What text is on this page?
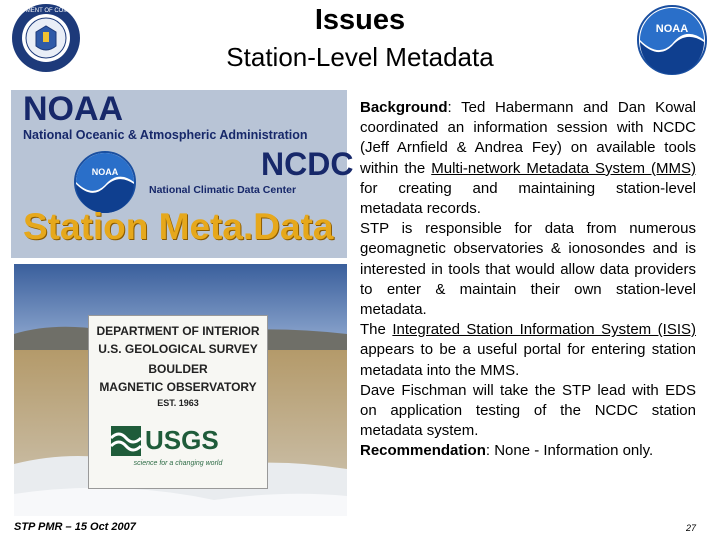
DEPARTMENT OF COMMERCE
NOAA
Issues
Station-Level Metadata
NOAA
National Oceanic & Atmospheric Administration
NOAA	NCDC
National Climatic Data Center
Station Meta.Data
DEPARTMENT OF INTERIOR
U.S. GEOLOGICAL SURVEY
BOULDER
MAGNETIC OBSERVATORY
EST. 1963
USGS
science for a changing world

Background: Ted Habermann and Dan Kowal coordinated an information session with NCDC (Jeff Arnfield & Andrea Fey) on available tools within the Multi-network Metadata System (MMS) for creating and maintaining station-level metadata records.

STP is responsible for data from numerous geomagnetic observatories & ionosondes and is interested in tools that would allow data providers to enter & maintain their own station-level metadata.

The Integrated Station Information System (ISIS) appears to be a useful portal for entering station metadata into the MMS.

Dave Fischman will take the STP lead with EDS on application testing of the NCDC station metadata system.

Recommendation: None - Information only.

STP PMR – 15 Oct 2007	27
